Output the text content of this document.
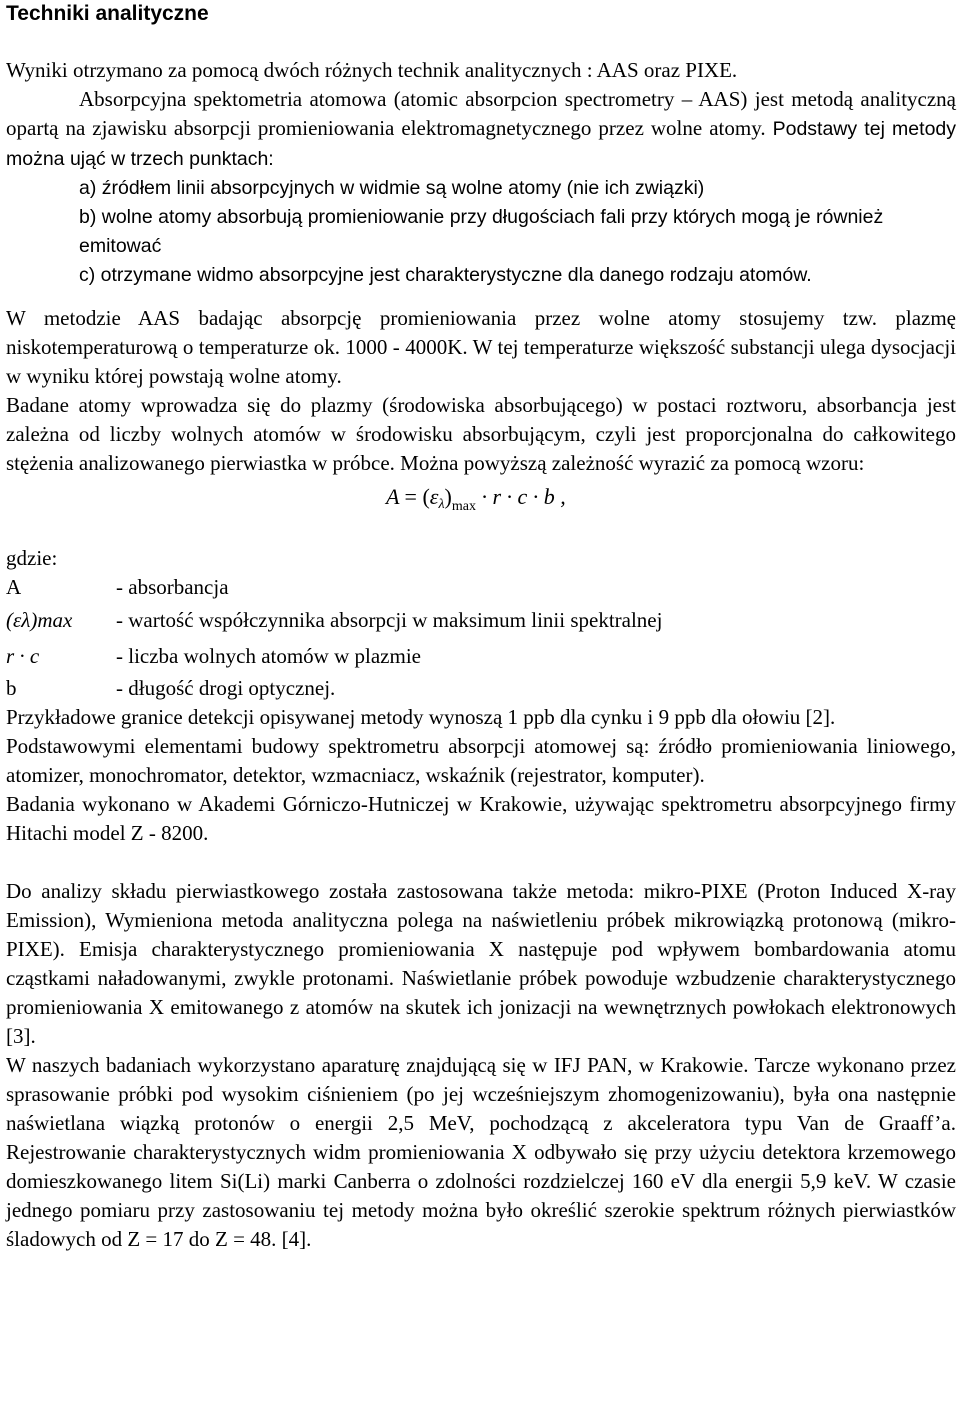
Techniki analityczne

Wyniki otrzymano za pomocą dwóch różnych technik analitycznych : AAS oraz PIXE.

Absorpcyjna spektometria atomowa (atomic absorpcion spectrometry – AAS) jest metodą analityczną opartą na zjawisku absorpcji promieniowania elektromagnetycznego przez wolne atomy. Podstawy tej metody można ująć w trzech punktach:

a) źródłem linii absorpcyjnych w widmie są wolne atomy (nie ich związki)
b) wolne atomy absorbują promieniowanie przy długościach fali przy których mogą je również emitować
c) otrzymane widmo absorpcyjne jest charakterystyczne dla danego rodzaju atomów.

W metodzie AAS badając absorpcję promieniowania przez wolne atomy stosujemy tzw. plazmę niskotemperaturową o temperaturze ok. 1000 - 4000K. W tej temperaturze większość substancji ulega dysocjacji w wyniku której powstają wolne atomy.

Badane atomy wprowadza się do plazmy (środowiska absorbującego) w postaci roztworu, absorbancja jest zależna od liczby wolnych atomów w środowisku absorbującym, czyli jest proporcjonalna do całkowitego stężenia analizowanego pierwiastka w próbce. Można powyższą zależność wyrazić za pomocą wzoru:

$A = (\varepsilon_\lambda)_{max} \cdot r \cdot c \cdot b$ ,

gdzie:

A	- absorbancja
(ελ)max	- wartość współczynnika absorpcji w maksimum linii spektralnej
r · c	- liczba wolnych atomów w plazmie
b	- długość drogi optycznej.

Przykładowe granice detekcji opisywanej metody wynoszą 1 ppb dla cynku i 9 ppb dla ołowiu [2].

Podstawowymi elementami budowy spektrometru absorpcji atomowej są: źródło promieniowania liniowego, atomizer, monochromator, detektor, wzmacniacz, wskaźnik (rejestrator, komputer).

Badania wykonano w Akademi Górniczo-Hutniczej w Krakowie, używając spektrometru absorpcyjnego firmy Hitachi model Z - 8200.

Do analizy składu pierwiastkowego została zastosowana także metoda: mikro-PIXE (Proton Induced X-ray Emission), Wymieniona metoda analityczna polega na naświetleniu próbek mikrowiązką protonową (mikro-PIXE). Emisja charakterystycznego promieniowania X następuje pod wpływem bombardowania atomu cząstkami naładowanymi, zwykle protonami. Naświetlanie próbek powoduje wzbudzenie charakterystycznego promieniowania X emitowanego z atomów na skutek ich jonizacji na wewnętrznych powłokach elektronowych [3].

W naszych badaniach wykorzystano aparaturę znajdującą się w IFJ PAN, w Krakowie. Tarcze wykonano przez sprasowanie próbki pod wysokim ciśnieniem (po jej wcześniejszym zhomogenizowaniu), była ona następnie naświetlana wiązką protonów o energii 2,5 MeV, pochodzącą z akceleratora typu Van de Graaff’a. Rejestrowanie charakterystycznych widm promieniowania X odbywało się przy użyciu detektora krzemowego domieszkowanego litem Si(Li) marki Canberra o zdolności rozdzielczej 160 eV dla energii 5,9 keV. W czasie jednego pomiaru przy zastosowaniu tej metody można było określić szerokie spektrum różnych pierwiastków śladowych od Z = 17 do Z = 48. [4].
